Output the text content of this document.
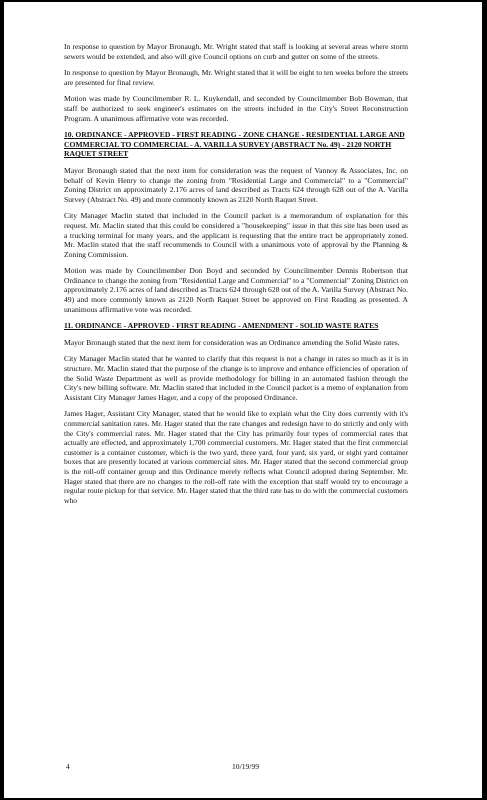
In response to question by Mayor Bronaugh, Mr. Wright stated that staff is looking at several areas where storm sewers would be extended, and also will give Council options on curb and gutter on some of the streets.

In response to question by Mayor Bronaugh, Mr. Wright stated that it will be eight to ten weeks before the streets are presented for final review.

Motion was made by Councilmember R. L. Kuykendall, and seconded by Councilmember Bob Bowman, that staff be authorized to seek engineer's estimates on the streets included in the City's Street Reconstruction Program. A unanimous affirmative vote was recorded.

10. ORDINANCE - APPROVED - FIRST READING - ZONE CHANGE - RESIDENTIAL LARGE AND COMMERCIAL TO COMMERCIAL - A. VARILLA SURVEY (ABSTRACT No. 49) - 2120 NORTH RAQUET STREET

Mayor Bronaugh stated that the next item for consideration was the request of Vannoy & Associates, Inc. on behalf of Kevin Henry to change the zoning from "Residential Large and Commercial" to a "Commercial" Zoning District on approximately 2.176 acres of land described as Tracts 624 through 628 out of the A. Varilla Survey (Abstract No. 49) and more commonly known as 2120 North Raquet Street.

City Manager Maclin stated that included in the Council packet is a memorandum of explanation for this request. Mr. Maclin stated that this could be considered a "housekeeping" issue in that this site has been used as a trucking terminal for many years, and the applicant is requesting that the entire tract be appropriately zoned. Mr. Maclin stated that the staff recommends to Council with a unanimous vote of approval by the Planning & Zoning Commission.

Motion was made by Councilmember Don Boyd and seconded by Councilmember Dennis Robertson that Ordinance to change the zoning from "Residential Large and Commercial" to a "Commercial" Zoning District on approximately 2.176 acres of land described as Tracts 624 through 628 out of the A. Varilla Survey (Abstract No. 49) and more commonly known as 2120 North Raquet Street be approved on First Reading as presented. A unanimous affirmative vote was recorded.

11. ORDINANCE - APPROVED - FIRST READING - AMENDMENT - SOLID WASTE RATES

Mayor Bronaugh stated that the next item for consideration was an Ordinance amending the Solid Waste rates.

City Manager Maclin stated that he wanted to clarify that this request is not a change in rates so much as it is in structure. Mr. Maclin stated that the purpose of the change is to improve and enhance efficiencies of operation of the Solid Waste Department as well as provide methodology for billing in an automated fashion through the City's new billing software. Mr. Maclin stated that included in the Council packet is a memo of explanation from Assistant City Manager James Hager, and a copy of the proposed Ordinance.

James Hager, Assistant City Manager, stated that he would like to explain what the City does currently with it's commercial sanitation rates. Mr. Hager stated that the rate changes and redesign have to do strictly and only with the City's commercial rates. Mr. Hager stated that the City has primarily four types of commercial rates that actually are effected, and approximately 1,700 commercial customers. Mr. Hager stated that the first commercial customer is a container customer, which is the two yard, three yard, four yard, six yard, or eight yard container boxes that are presently located at various commercial sites. Mr. Hager stated that the second commercial group is the roll-off container group and this Ordinance merely reflects what Council adopted during September. Mr. Hager stated that there are no changes to the roll-off rate with the exception that staff would try to encourage a regular route pickup for that service. Mr. Hager stated that the third rate has to do with the commercial customers who

4	10/19/99
